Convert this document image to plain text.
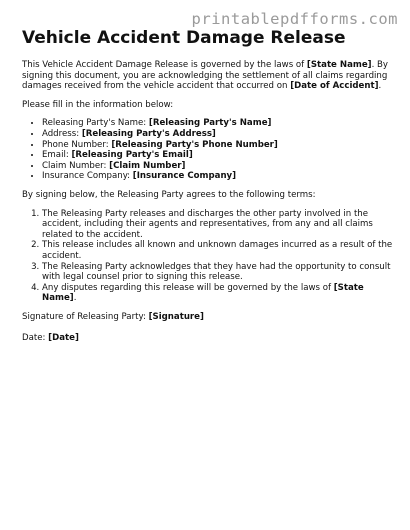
printablepdfforms.com
Vehicle Accident Damage Release

This Vehicle Accident Damage Release is governed by the laws of [State Name]. By signing this document, you are acknowledging the settlement of all claims regarding damages received from the vehicle accident that occurred on [Date of Accident].

Please fill in the information below:

• Releasing Party's Name: [Releasing Party's Name]
• Address: [Releasing Party's Address]
• Phone Number: [Releasing Party's Phone Number]
• Email: [Releasing Party's Email]
• Claim Number: [Claim Number]
• Insurance Company: [Insurance Company]

By signing below, the Releasing Party agrees to the following terms:

1. The Releasing Party releases and discharges the other party involved in the accident, including their agents and representatives, from any and all claims related to the accident.
2. This release includes all known and unknown damages incurred as a result of the accident.
3. The Releasing Party acknowledges that they have had the opportunity to consult with legal counsel prior to signing this release.
4. Any disputes regarding this release will be governed by the laws of [State Name].

Signature of Releasing Party: [Signature]

Date: [Date]
